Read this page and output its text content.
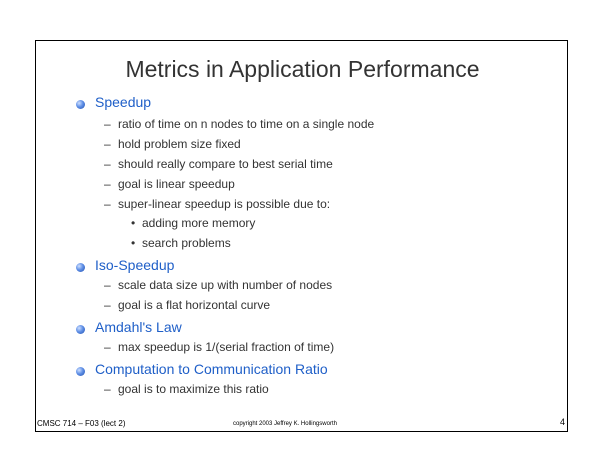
Metrics in Application Performance
Speedup
– ratio of time on n nodes to time on a single node
– hold problem size fixed
– should really compare to best serial time
– goal is linear speedup
– super-linear speedup is possible due to:
• adding more memory
• search problems
Iso-Speedup
– scale data size up with number of nodes
– goal is a flat horizontal curve
Amdahl's Law
– max speedup is 1/(serial fraction of time)
Computation to Communication Ratio
– goal is to maximize this ratio
CMSC 714 – F03 (lect 2)	copyright 2003 Jeffrey K. Hollingsworth	4
